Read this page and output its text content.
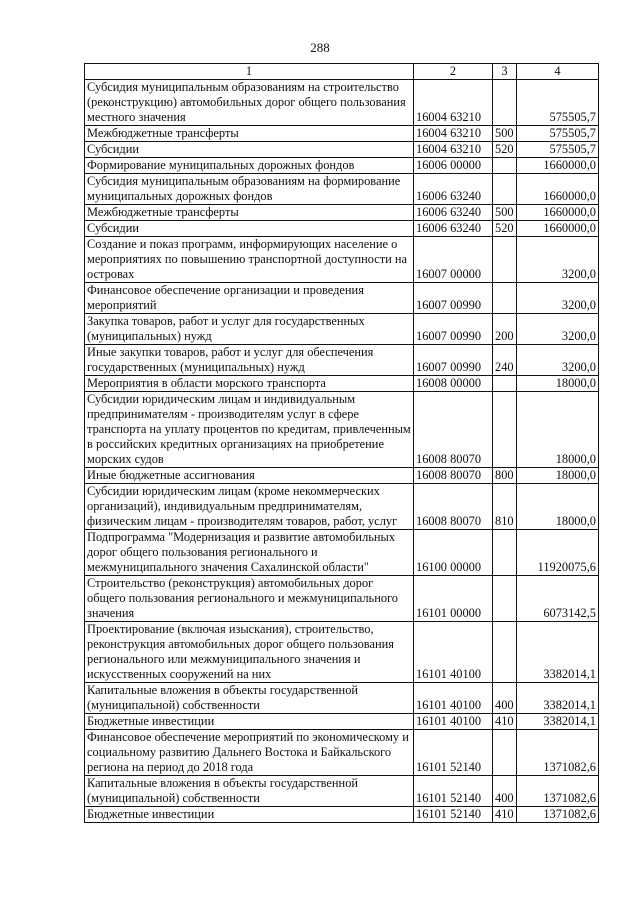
288
1	2	3	4
Субсидия муниципальным образованиям на строительство (реконструкцию) автомобильных дорог общего пользования местного значения	16004 63210		575505,7
Межбюджетные трансферты	16004 63210	500	575505,7
Субсидии	16004 63210	520	575505,7
Формирование муниципальных дорожных фондов	16006 00000		1660000,0
Субсидия муниципальным образованиям на формирование муниципальных дорожных фондов	16006 63240		1660000,0
Межбюджетные трансферты	16006 63240	500	1660000,0
Субсидии	16006 63240	520	1660000,0
Создание и показ программ, информирующих население о мероприятиях по повышению транспортной доступности на островах	16007 00000		3200,0
Финансовое обеспечение организации и проведения мероприятий	16007 00990		3200,0
Закупка товаров, работ и услуг для государственных (муниципальных) нужд	16007 00990	200	3200,0
Иные закупки товаров, работ и услуг для обеспечения государственных (муниципальных) нужд	16007 00990	240	3200,0
Мероприятия в области морского транспорта	16008 00000		18000,0
Субсидии юридическим лицам и индивидуальным предпринимателям - производителям услуг в сфере транспорта на уплату процентов по кредитам, привлеченным в российских кредитных организациях на приобретение морских судов	16008 80070		18000,0
Иные бюджетные ассигнования	16008 80070	800	18000,0
Субсидии юридическим лицам (кроме некоммерческих организаций), индивидуальным предпринимателям, физическим лицам - производителям товаров, работ, услуг	16008 80070	810	18000,0
Подпрограмма "Модернизация и развитие автомобильных дорог общего пользования регионального и межмуниципального значения Сахалинской области"	16100 00000		11920075,6
Строительство (реконструкция) автомобильных дорог общего пользования регионального и межмуниципального значения	16101 00000		6073142,5
Проектирование (включая изыскания), строительство, реконструкция автомобильных дорог общего пользования регионального или межмуниципального значения и искусственных сооружений на них	16101 40100		3382014,1
Капитальные вложения в объекты государственной (муниципальной) собственности	16101 40100	400	3382014,1
Бюджетные инвестиции	16101 40100	410	3382014,1
Финансовое обеспечение мероприятий по экономическому и социальному развитию Дальнего Востока и Байкальского региона на период до 2018 года	16101 52140		1371082,6
Капитальные вложения в объекты государственной (муниципальной) собственности	16101 52140	400	1371082,6
Бюджетные инвестиции	16101 52140	410	1371082,6
